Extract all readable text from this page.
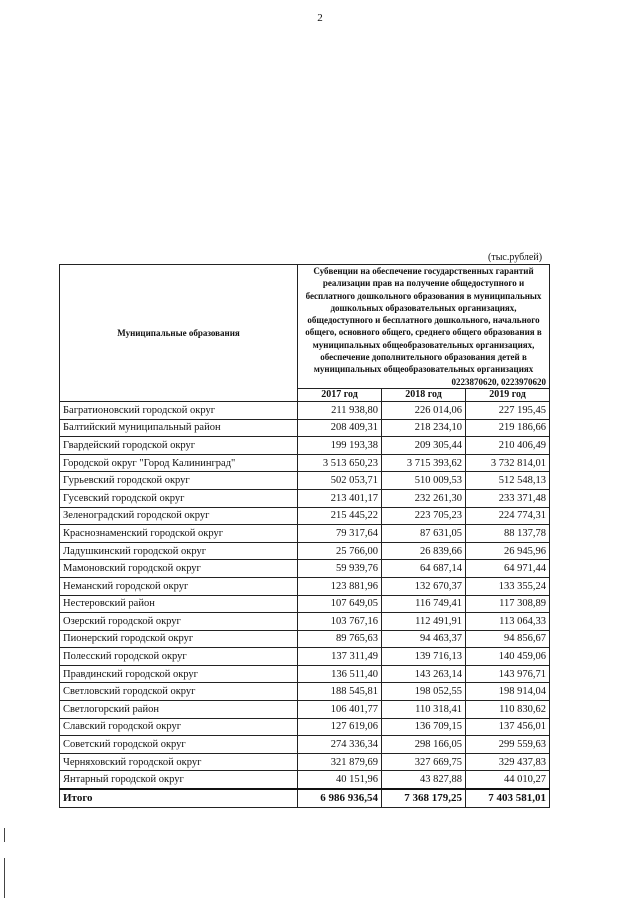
2
(тыс.рублей)
Муниципальные образования	Субвенции на обеспечение государственных гарантий реализации прав на получение общедоступного и бесплатного дошкольного образования в муниципальных дошкольных образовательных организациях, общедоступного и бесплатного дошкольного, начального общего, основного общего, среднего общего образования в муниципальных общеобразовательных организациях, обеспечение дополнительного образования детей в муниципальных общеобразовательных организациях
0223870620, 0223970620		

	2017 год	2018 год	2019 год
Багратионовский городской округ	211 938,80	226 014,06	227 195,45
Балтийский муниципальный район	208 409,31	218 234,10	219 186,66
Гвардейский городской округ	199 193,38	209 305,44	210 406,49
Городской округ "Город Калининград"	3 513 650,23	3 715 393,62	3 732 814,01
Гурьевский городской округ	502 053,71	510 009,53	512 548,13
Гусевский городской округ	213 401,17	232 261,30	233 371,48
Зеленоградский городской округ	215 445,22	223 705,23	224 774,31
Краснознаменский городской округ	79 317,64	87 631,05	88 137,78
Ладушкинский городской округ	25 766,00	26 839,66	26 945,96
Мамоновский городской округ	59 939,76	64 687,14	64 971,44
Неманский городской округ	123 881,96	132 670,37	133 355,24
Нестеровский район	107 649,05	116 749,41	117 308,89
Озерский городской округ	103 767,16	112 491,91	113 064,33
Пионерский городской округ	89 765,63	94 463,37	94 856,67
Полесский городской округ	137 311,49	139 716,13	140 459,06
Правдинский городской округ	136 511,40	143 263,14	143 976,71
Светловский городской округ	188 545,81	198 052,55	198 914,04
Светлогорский район	106 401,77	110 318,41	110 830,62
Славский городской округ	127 619,06	136 709,15	137 456,01
Советский городской округ	274 336,34	298 166,05	299 559,63
Черняховский городской округ	321 879,69	327 669,75	329 437,83
Янтарный городской округ	40 151,96	43 827,88	44 010,27
Итого	6 986 936,54	7 368 179,25	7 403 581,01
